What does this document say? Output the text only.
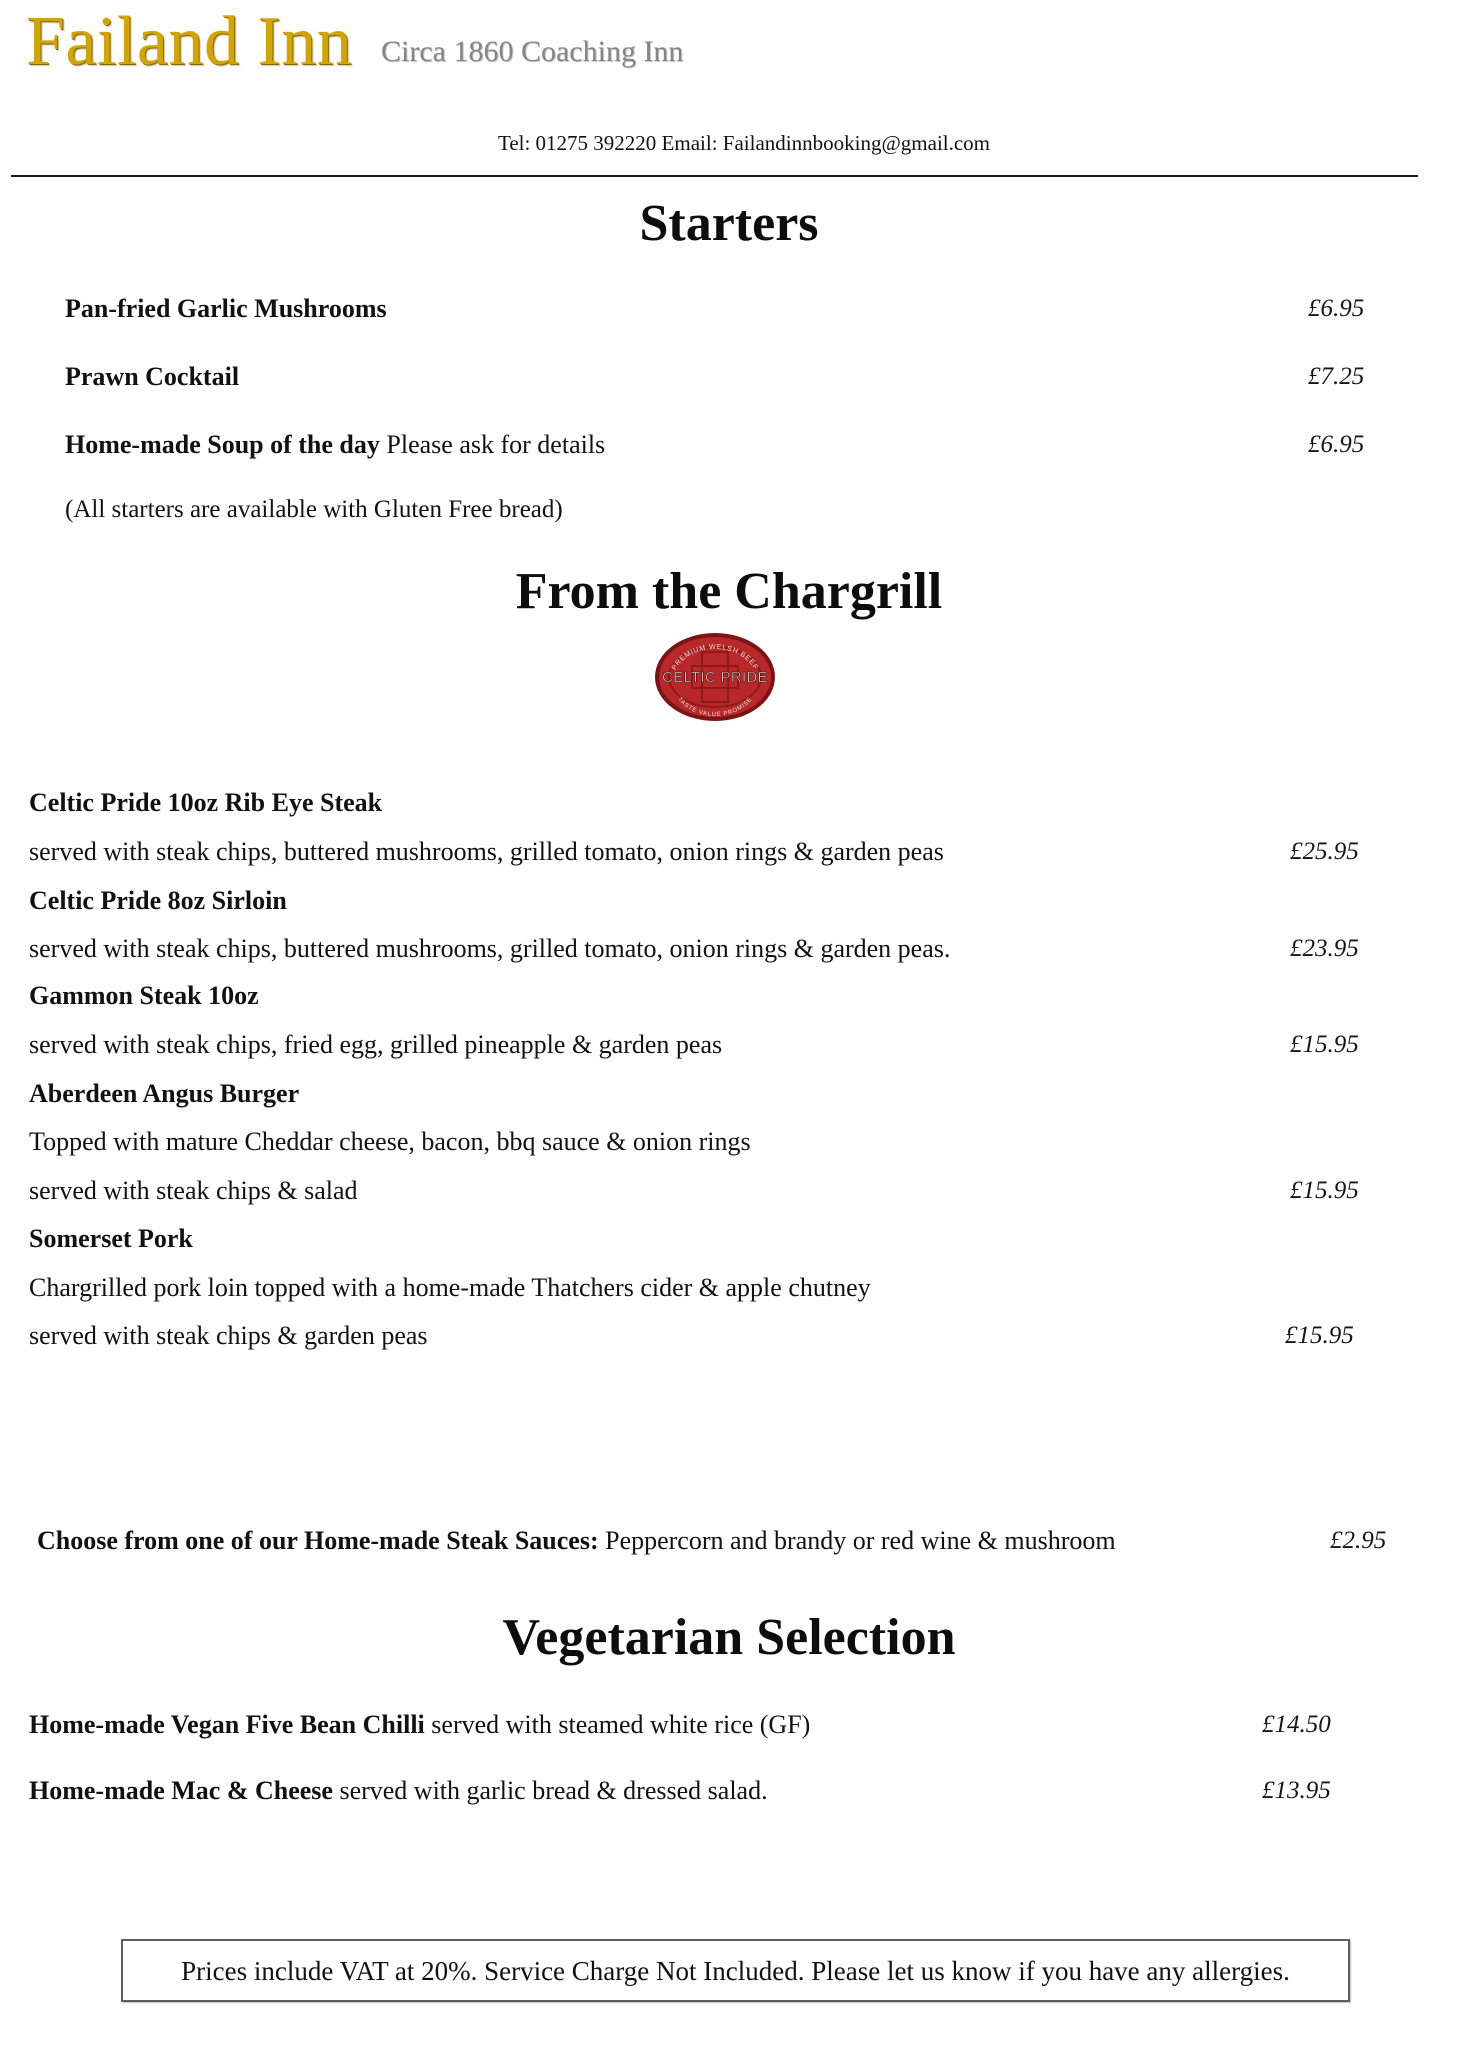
Failand Inn Circa 1860 Coaching Inn
Tel: 01275 392220 Email: Failandinnbooking@gmail.com
Starters
Pan-fried Garlic Mushrooms	£6.95
Prawn Cocktail	£7.25
Home-made Soup of the day Please ask for details	£6.95
(All starters are available with Gluten Free bread)
From the Chargrill
PREMIUM WELSH BEEF
CELTIC PRIDE
TASTE VALUE PROMISE
Celtic Pride 10oz Rib Eye Steak
served with steak chips, buttered mushrooms, grilled tomato, onion rings & garden peas	£25.95
Celtic Pride 8oz Sirloin
served with steak chips, buttered mushrooms, grilled tomato, onion rings & garden peas.	£23.95
Gammon Steak 10oz
served with steak chips, fried egg, grilled pineapple & garden peas	£15.95
Aberdeen Angus Burger
Topped with mature Cheddar cheese, bacon, bbq sauce & onion rings
served with steak chips & salad	£15.95
Somerset Pork
Chargrilled pork loin topped with a home-made Thatchers cider & apple chutney
served with steak chips & garden peas	£15.95
Choose from one of our Home-made Steak Sauces: Peppercorn and brandy or red wine & mushroom	£2.95
Vegetarian Selection
Home-made Vegan Five Bean Chilli served with steamed white rice (GF)	£14.50
Home-made Mac & Cheese served with garlic bread & dressed salad.	£13.95
Prices include VAT at 20%. Service Charge Not Included. Please let us know if you have any allergies.
